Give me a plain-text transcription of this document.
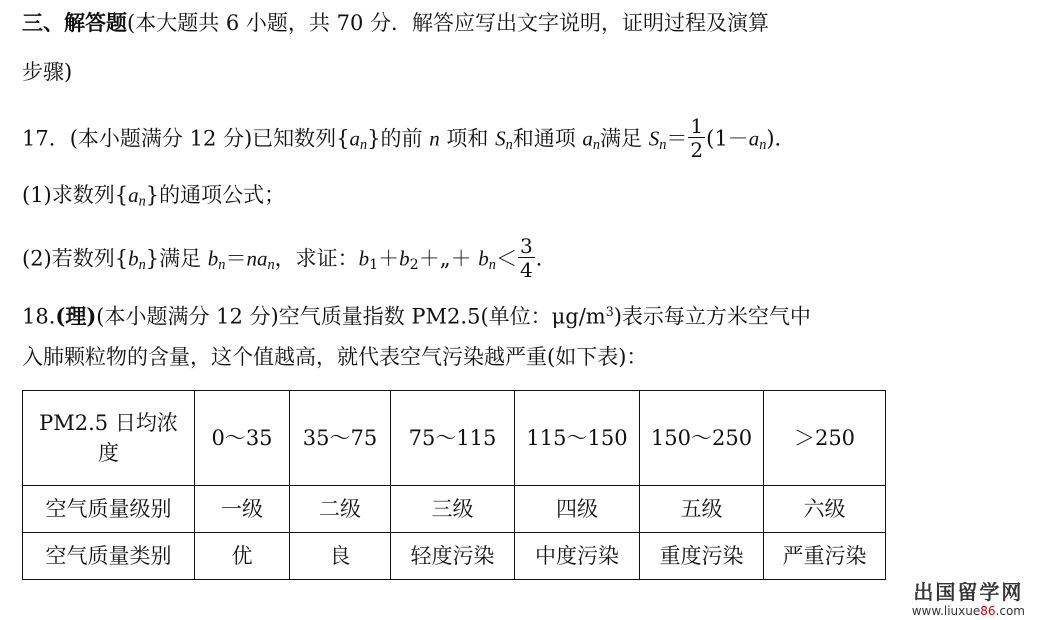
三、解答题(本大题共 6 小题，共 70 分．解答应写出文字说明，证明过程及演算
步骤)
17．(本小题满分 12 分)已知数列$\{a_n\}$的前 n 项和 $S_n$和通项 $a_n$满足 $S_n= \frac{1}{2} (1-a_n)$．
(1)求数列$\{a_n\}$的通项公式；
(2)若数列$\{b_n\}$满足 $b_n=na_n$，求证：$b_1+b_2+„+ b_n< \frac{3}{4}$ .
18.(理)(本小题满分 12 分)空气质量指数 PM2.5(单位：$\mu g/m^3$)表示每立方米空气中
入肺颗粒物的含量，这个值越高，就代表空气污染越严重(如下表)：
PM2.5 日均浓
度	0～35	35～75	75～115	115～150	150～250	＞250
空气质量级别	一级	二级	三级	四级	五级	六级
空气质量类别	优	良	轻度污染	中度污染	重度污染	严重污染
出国留学网
www.liuxue86.com
